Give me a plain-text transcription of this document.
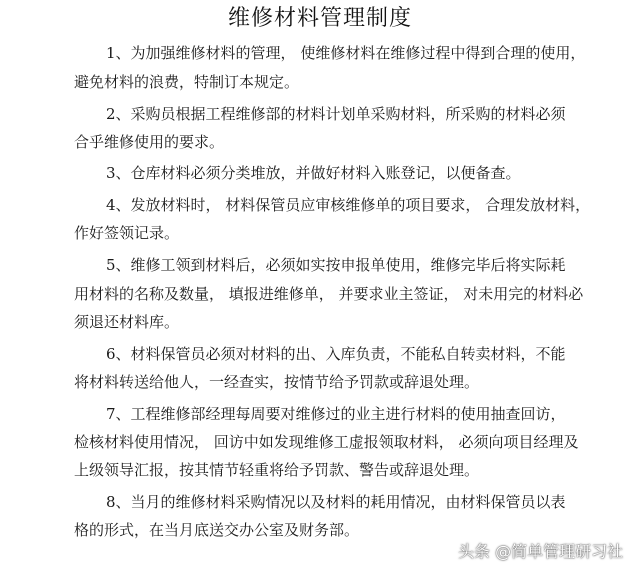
维修材料管理制度
1、为加强维修材料的管理， 使维修材料在维修过程中得到合理的使用，
避免材料的浪费，特制订本规定。
2、采购员根据工程维修部的材料计划单采购材料，所采购的材料必须
合乎维修使用的要求。
3、仓库材料必须分类堆放，并做好材料入账登记，以便备查。
4、发放材料时， 材料保管员应审核维修单的项目要求， 合理发放材料，
作好签领记录。
5、维修工领到材料后，必须如实按申报单使用，维修完毕后将实际耗
用材料的名称及数量， 填报进维修单， 并要求业主签证， 对未用完的材料必
须退还材料库。
6、材料保管员必须对材料的出、入库负责，不能私自转卖材料，不能
将材料转送给他人，一经查实，按情节给予罚款或辞退处理。
7、工程维修部经理每周要对维修过的业主进行材料的使用抽查回访，
检核材料使用情况， 回访中如发现维修工虚报领取材料， 必须向项目经理及
上级领导汇报，按其情节轻重将给予罚款、警告或辞退处理。
8、当月的维修材料采购情况以及材料的耗用情况，由材料保管员以表
格的形式，在当月底送交办公室及财务部。
头条 @简单管理研习社
